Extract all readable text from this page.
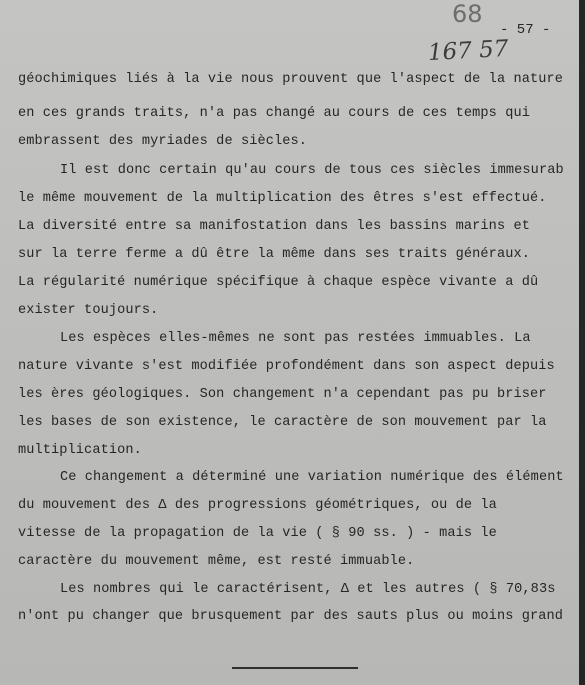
68
- 57 -
167 57
géochimiques liés à la vie nous prouvent que l'aspect de la nature
en ces grands traits, n'a pas changé au cours de ces temps qui
embrassent des myriades de siècles.
Il est donc certain qu'au cours de tous ces siècles immesurab
le même mouvement de la multiplication des êtres s'est effectué.
La diversité entre sa manifostation dans les bassins marins et
sur la terre ferme a dû être la même dans ses traits généraux.
La régularité numérique spécifique à chaque espèce vivante a dû
exister toujours.
Les espèces elles-mêmes ne sont pas restées immuables. La
nature vivante s'est modifiée profondément dans son aspect depuis
les ères géologiques. Son changement n'a cependant pas pu briser
les bases de son existence, le caractère de son mouvement par la
multiplication.
Ce changement a déterminé une variation numérique des élément
du mouvement des Δ des progressions géométriques, ou de la
vitesse de la propagation de la vie ( § 90 ss. ) - mais le
caractère du mouvement même, est resté immuable.
Les nombres qui le caractérisent, Δ et les autres ( § 70,83s
n'ont pu changer que brusquement par des sauts plus ou moins grand
